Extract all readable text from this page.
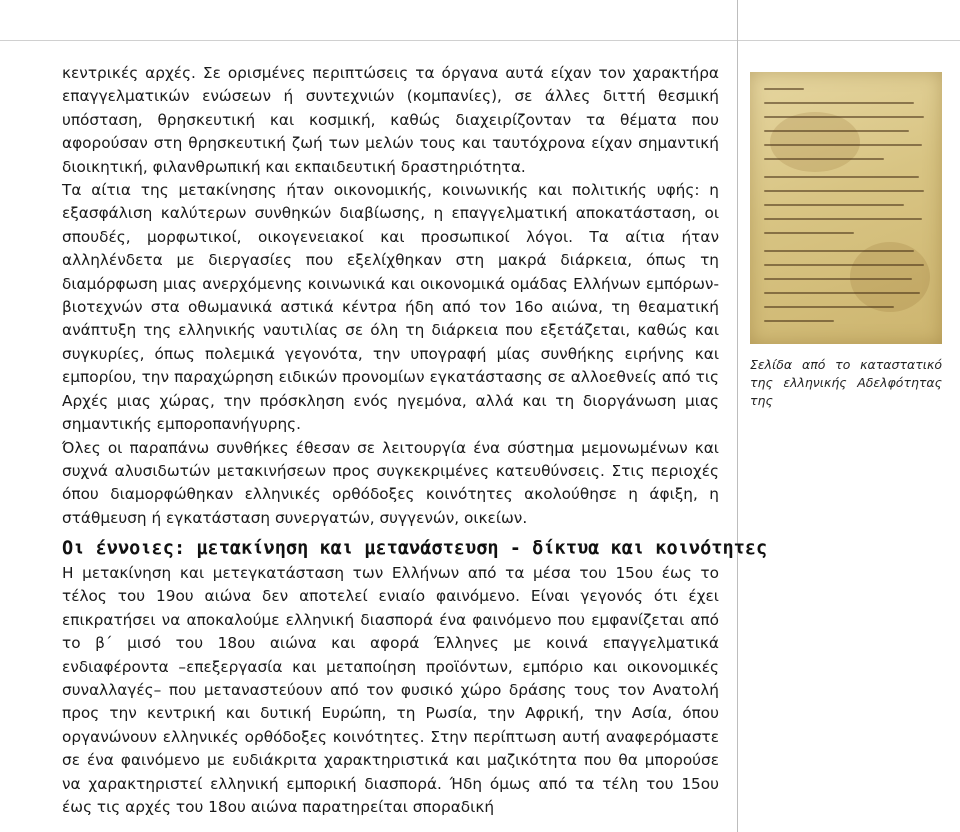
κεντρικές αρχές. Σε ορισμένες περιπτώσεις τα όργανα αυτά είχαν τον χαρακτήρα επαγγελματικών ενώσεων ή συντεχνιών (κομπανίες), σε άλλες διττή θεσμική υπόσταση, θρησκευτική και κοσμική, καθώς διαχειρίζονταν τα θέματα που αφορούσαν στη θρησκευτική ζωή των μελών τους και ταυτόχρονα είχαν σημαντική διοικητική, φιλανθρωπική και εκπαιδευτική δραστηριότητα.

Τα αίτια της μετακίνησης ήταν οικονομικής, κοινωνικής και πολιτικής υφής: η εξασφάλιση καλύτερων συνθηκών διαβίωσης, η επαγγελματική αποκατάσταση, οι σπουδές, μορφωτικοί, οικογενειακοί και προσωπικοί λόγοι. Τα αίτια ήταν αλληλένδετα με διεργασίες που εξελίχθηκαν στη μακρά διάρκεια, όπως τη διαμόρφωση μιας ανερχόμενης κοινωνικά και οικονομικά ομάδας Ελλήνων εμπόρων-βιοτεχνών στα οθωμανικά αστικά κέντρα ήδη από τον 16ο αιώνα, τη θεαματική ανάπτυξη της ελληνικής ναυτιλίας σε όλη τη διάρκεια που εξετάζεται, καθώς και συγκυρίες, όπως πολεμικά γεγονότα, την υπογραφή μίας συνθήκης ειρήνης και εμπορίου, την παραχώρηση ειδικών προνομίων εγκατάστασης σε αλλοεθνείς από τις Αρχές μιας χώρας, την πρόσκληση ενός ηγεμόνα, αλλά και τη διοργάνωση μιας σημαντικής εμποροπανήγυρης.

Όλες οι παραπάνω συνθήκες έθεσαν σε λειτουργία ένα σύστημα μεμονωμένων και συχνά αλυσιδωτών μετακινήσεων προς συγκεκριμένες κατευθύνσεις. Στις περιοχές όπου διαμορφώθηκαν ελληνικές ορθόδοξες κοινότητες ακολούθησε η άφιξη, η στάθμευση ή εγκατάσταση συνεργατών, συγγενών, οικείων.

Οι έννοιες: μετακίνηση και μετανάστευση - δίκτυα και κοινότητες

Η μετακίνηση και μετεγκατάσταση των Ελλήνων από τα μέσα του 15ου έως το τέλος του 19ου αιώνα δεν αποτελεί ενιαίο φαινόμενο. Είναι γεγονός ότι έχει επικρατήσει να αποκαλούμε ελληνική διασπορά ένα φαινόμενο που εμφανίζεται από το β΄ μισό του 18ου αιώνα και αφορά Έλληνες με κοινά επαγγελματικά ενδιαφέροντα –επεξεργασία και μεταποίηση προϊόντων, εμπόριο και οικονομικές συναλλαγές– που μεταναστεύουν από τον φυσικό χώρο δράσης τους τον Ανατολή προς την κεντρική και δυτική Ευρώπη, τη Ρωσία, την Αφρική, την Ασία, όπου οργανώνουν ελληνικές ορθόδοξες κοινότητες. Στην περίπτωση αυτή αναφερόμαστε σε ένα φαινόμενο με ευδιάκριτα χαρακτηριστικά και μαζικότητα που θα μπορούσε να χαρακτηριστεί ελληνική εμπορική διασπορά. Ήδη όμως από τα τέλη του 15ου έως τις αρχές του 18ου αιώνα παρατηρείται σποραδική

Σελίδα από το καταστατικό της ελληνικής Αδελφότητας της
